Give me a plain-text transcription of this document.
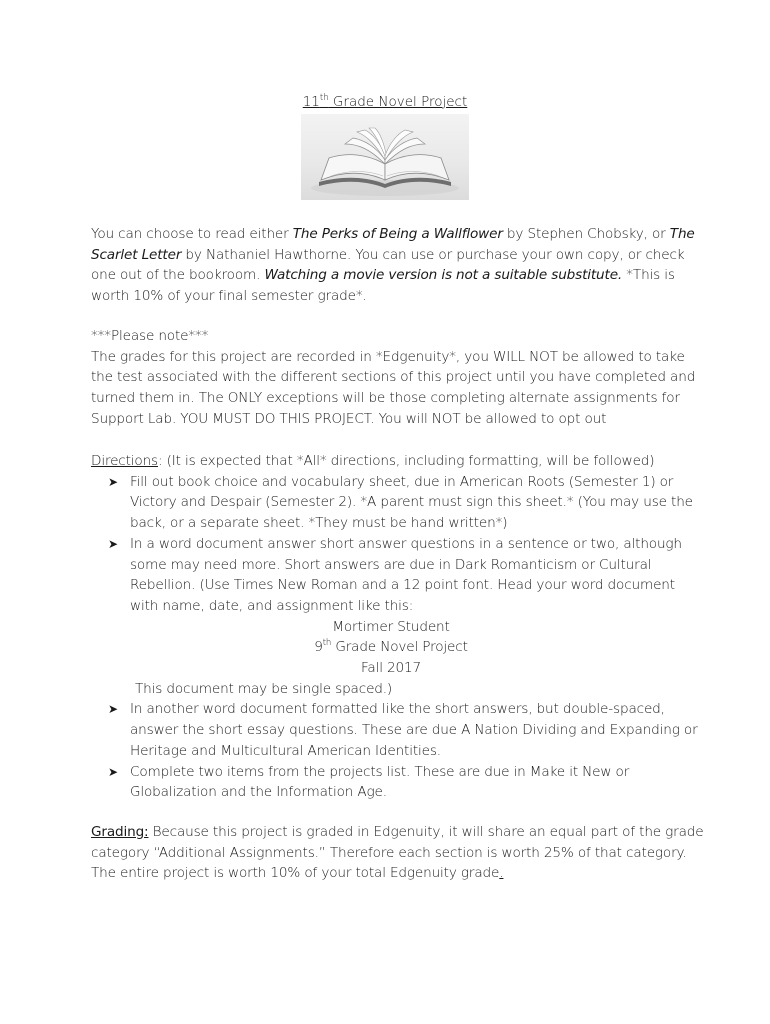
11th Grade Novel Project
You can choose to read either The Perks of Being a Wallflower by Stephen Chobsky, or The
Scarlet Letter by Nathaniel Hawthorne. You can use or purchase your own copy, or check
one out of the bookroom. Watching a movie version is not a suitable substitute. *This is
worth 10% of your final semester grade*.
***Please note***
The grades for this project are recorded in *Edgenuity*, you WILL NOT be allowed to take
the test associated with the different sections of this project until you have completed and
turned them in. The ONLY exceptions will be those completing alternate assignments for
Support Lab. YOU MUST DO THIS PROJECT. You will NOT be allowed to opt out
Directions: (It is expected that *All* directions, including formatting, will be followed)
➤ Fill out book choice and vocabulary sheet, due in American Roots (Semester 1) or
Victory and Despair (Semester 2). *A parent must sign this sheet.* (You may use the
back, or a separate sheet. *They must be hand written*)
➤ In a word document answer short answer questions in a sentence or two, although
some may need more. Short answers are due in Dark Romanticism or Cultural
Rebellion. (Use Times New Roman and a 12 point font. Head your word document
with name, date, and assignment like this:
Mortimer Student
9th Grade Novel Project
Fall 2017
This document may be single spaced.)
➤ In another word document formatted like the short answers, but double-spaced,
answer the short essay questions. These are due A Nation Dividing and Expanding or
Heritage and Multicultural American Identities.
➤ Complete two items from the projects list. These are due in Make it New or
Globalization and the Information Age.
Grading: Because this project is graded in Edgenuity, it will share an equal part of the grade
category “Additional Assignments.” Therefore each section is worth 25% of that category.
The entire project is worth 10% of your total Edgenuity grade.
